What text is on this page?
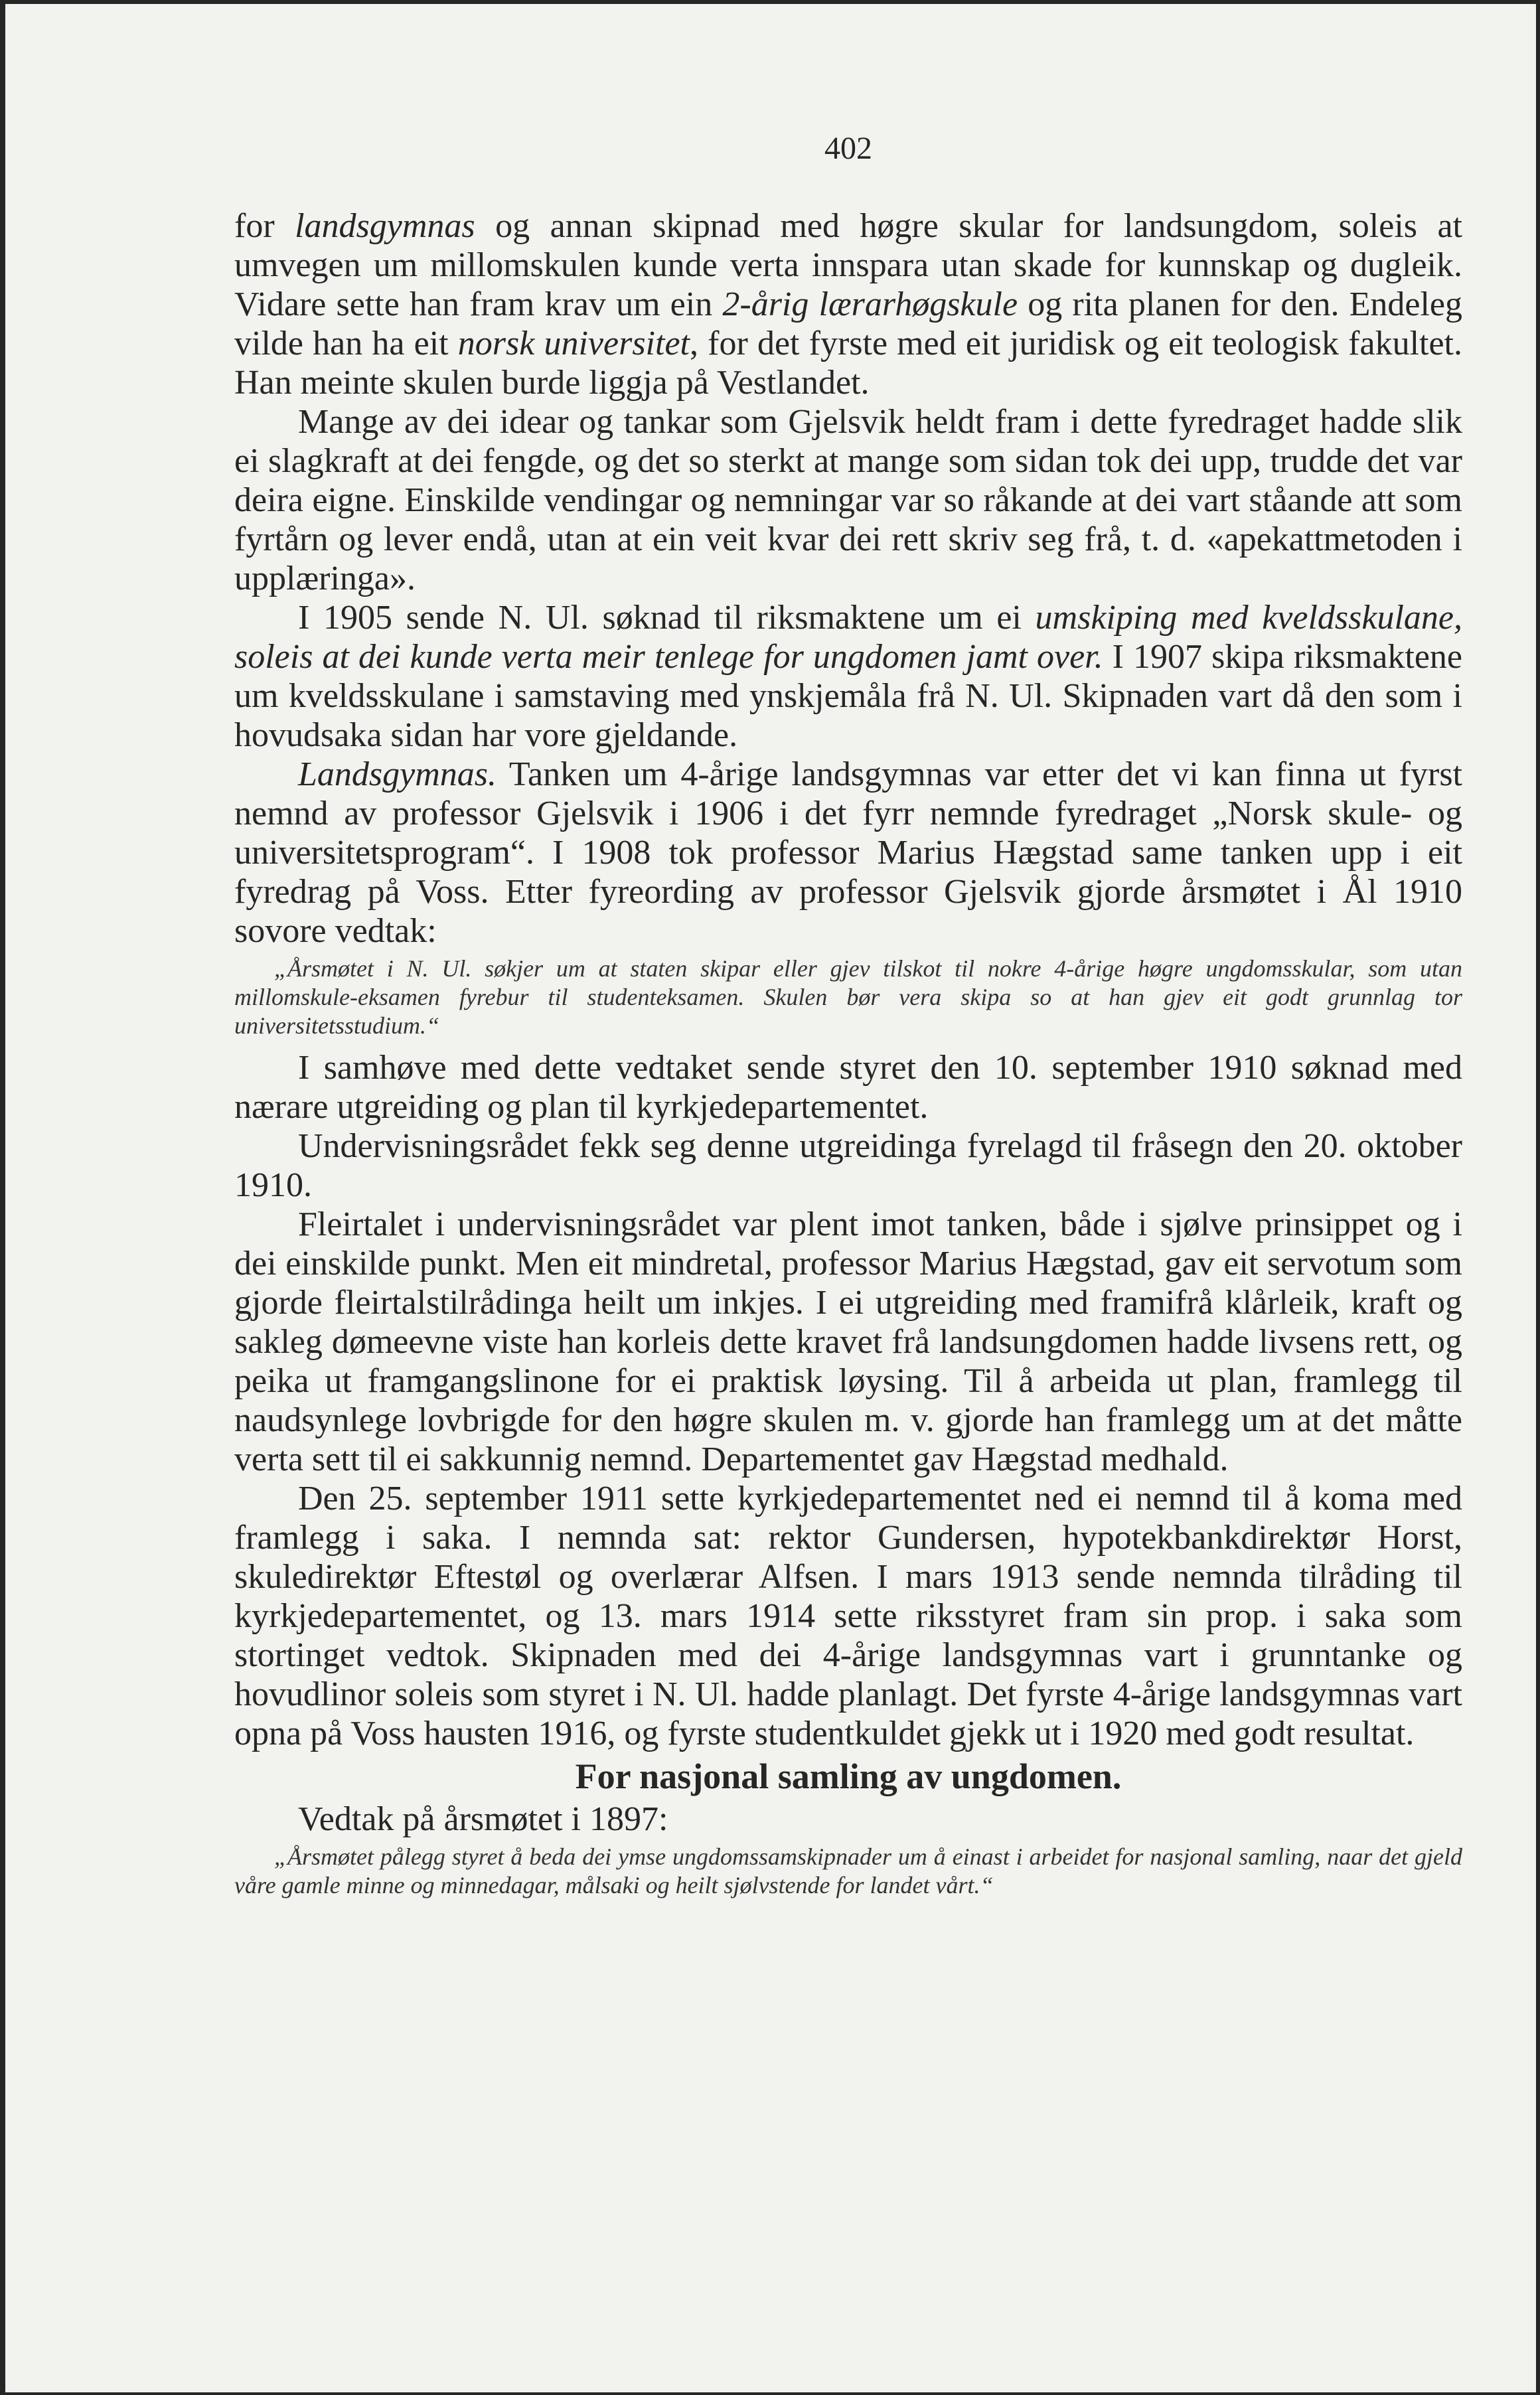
402

for landsgymnas og annan skipnad med høgre skular for landsungdom, soleis at umvegen um millomskulen kunde verta innspara utan skade for kunnskap og dugleik. Vidare sette han fram krav um ein 2-årig lærarhøgskule og rita planen for den. Endeleg vilde han ha eit norsk universitet, for det fyrste med eit juridisk og eit teologisk fakultet. Han meinte skulen burde liggja på Vestlandet.

Mange av dei idear og tankar som Gjelsvik heldt fram i dette fyredraget hadde slik ei slagkraft at dei fengde, og det so sterkt at mange som sidan tok dei upp, trudde det var deira eigne. Einskilde vendingar og nemningar var so råkande at dei vart ståande att som fyrtårn og lever endå, utan at ein veit kvar dei rett skriv seg frå, t. d. «apekattmetoden i upplæringa».

I 1905 sende N. Ul. søknad til riksmaktene um ei umskiping med kveldsskulane, soleis at dei kunde verta meir tenlege for ungdomen jamt over. I 1907 skipa riksmaktene um kveldsskulane i samstaving med ynskjemåla frå N. Ul. Skipnaden vart då den som i hovudsaka sidan har vore gjeldande.

Landsgymnas. Tanken um 4-årige landsgymnas var etter det vi kan finna ut fyrst nemnd av professor Gjelsvik i 1906 i det fyrr nemnde fyredraget „Norsk skule- og universitetsprogram“. I 1908 tok professor Marius Hægstad same tanken upp i eit fyredrag på Voss. Etter fyreording av professor Gjelsvik gjorde årsmøtet i Ål 1910 sovore vedtak:

„Årsmøtet i N. Ul. søkjer um at staten skipar eller gjev tilskot til nokre 4-årige høgre ungdomsskular, som utan millomskule-eksamen fyrebur til studenteksamen. Skulen bør vera skipa so at han gjev eit godt grunnlag tor universitetsstudium.“

I samhøve med dette vedtaket sende styret den 10. september 1910 søknad med nærare utgreiding og plan til kyrkjedepartementet.

Undervisningsrådet fekk seg denne utgreidinga fyrelagd til fråsegn den 20. oktober 1910.

Fleirtalet i undervisningsrådet var plent imot tanken, både i sjølve prinsippet og i dei einskilde punkt. Men eit mindretal, professor Marius Hægstad, gav eit servotum som gjorde fleirtalstilrådinga heilt um inkjes. I ei utgreiding med framifrå klårleik, kraft og sakleg dømeevne viste han korleis dette kravet frå landsungdomen hadde livsens rett, og peika ut framgangslinone for ei praktisk løysing. Til å arbeida ut plan, framlegg til naudsynlege lovbrigde for den høgre skulen m. v. gjorde han framlegg um at det måtte verta sett til ei sakkunnig nemnd. Departementet gav Hægstad medhald.

Den 25. september 1911 sette kyrkjedepartementet ned ei nemnd til å koma med framlegg i saka. I nemnda sat: rektor Gundersen, hypotekbankdirektør Horst, skuledirektør Eftestøl og overlærar Alfsen. I mars 1913 sende nemnda tilråding til kyrkjedepartementet, og 13. mars 1914 sette riksstyret fram sin prop. i saka som stortinget vedtok. Skipnaden med dei 4-årige landsgymnas vart i grunntanke og hovudlinor soleis som styret i N. Ul. hadde planlagt. Det fyrste 4-årige landsgymnas vart opna på Voss hausten 1916, og fyrste studentkuldet gjekk ut i 1920 med godt resultat.

For nasjonal samling av ungdomen.

Vedtak på årsmøtet i 1897:

„Årsmøtet pålegg styret å beda dei ymse ungdomssamskipnader um å einast i arbeidet for nasjonal samling, naar det gjeld våre gamle minne og minnedagar, målsaki og heilt sjølvstende for landet vårt.“
